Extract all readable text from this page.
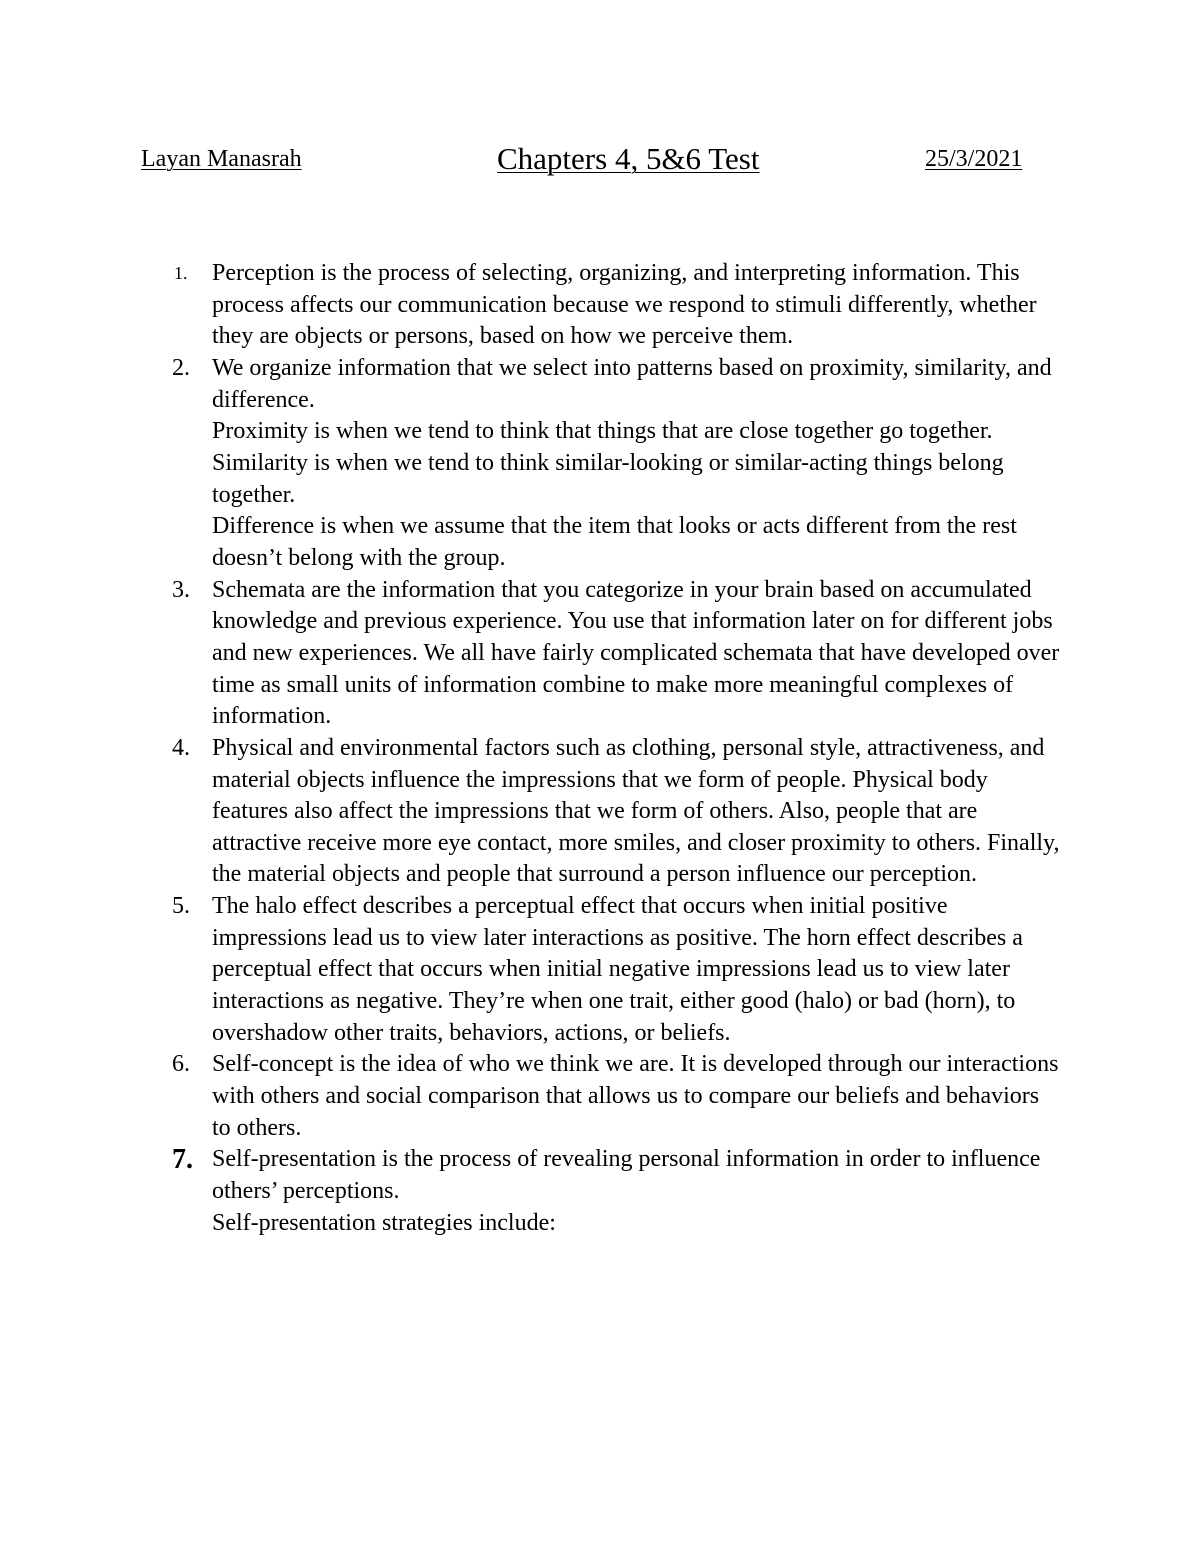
Layan Manasrah	Chapters 4, 5&6 Test	25/3/2021
1. Perception is the process of selecting, organizing, and interpreting information. This process affects our communication because we respond to stimuli differently, whether they are objects or persons, based on how we perceive them.
2. We organize information that we select into patterns based on proximity, similarity, and difference.
Proximity is when we tend to think that things that are close together go together.
Similarity is when we tend to think similar-looking or similar-acting things belong together.
Difference is when we assume that the item that looks or acts different from the rest doesn’t belong with the group.
3. Schemata are the information that you categorize in your brain based on accumulated knowledge and previous experience. You use that information later on for different jobs and new experiences. We all have fairly complicated schemata that have developed over time as small units of information combine to make more meaningful complexes of information.
4. Physical and environmental factors such as clothing, personal style, attractiveness, and material objects influence the impressions that we form of people. Physical body features also affect the impressions that we form of others. Also, people that are attractive receive more eye contact, more smiles, and closer proximity to others. Finally, the material objects and people that surround a person influence our perception.
5. The halo effect describes a perceptual effect that occurs when initial positive impressions lead us to view later interactions as positive. The horn effect describes a perceptual effect that occurs when initial negative impressions lead us to view later interactions as negative. They’re when one trait, either good (halo) or bad (horn), to overshadow other traits, behaviors, actions, or beliefs.
6. Self-concept is the idea of who we think we are. It is developed through our interactions with others and social comparison that allows us to compare our beliefs and behaviors to others.
7. Self-presentation is the process of revealing personal information in order to influence others’ perceptions.
Self-presentation strategies include:
